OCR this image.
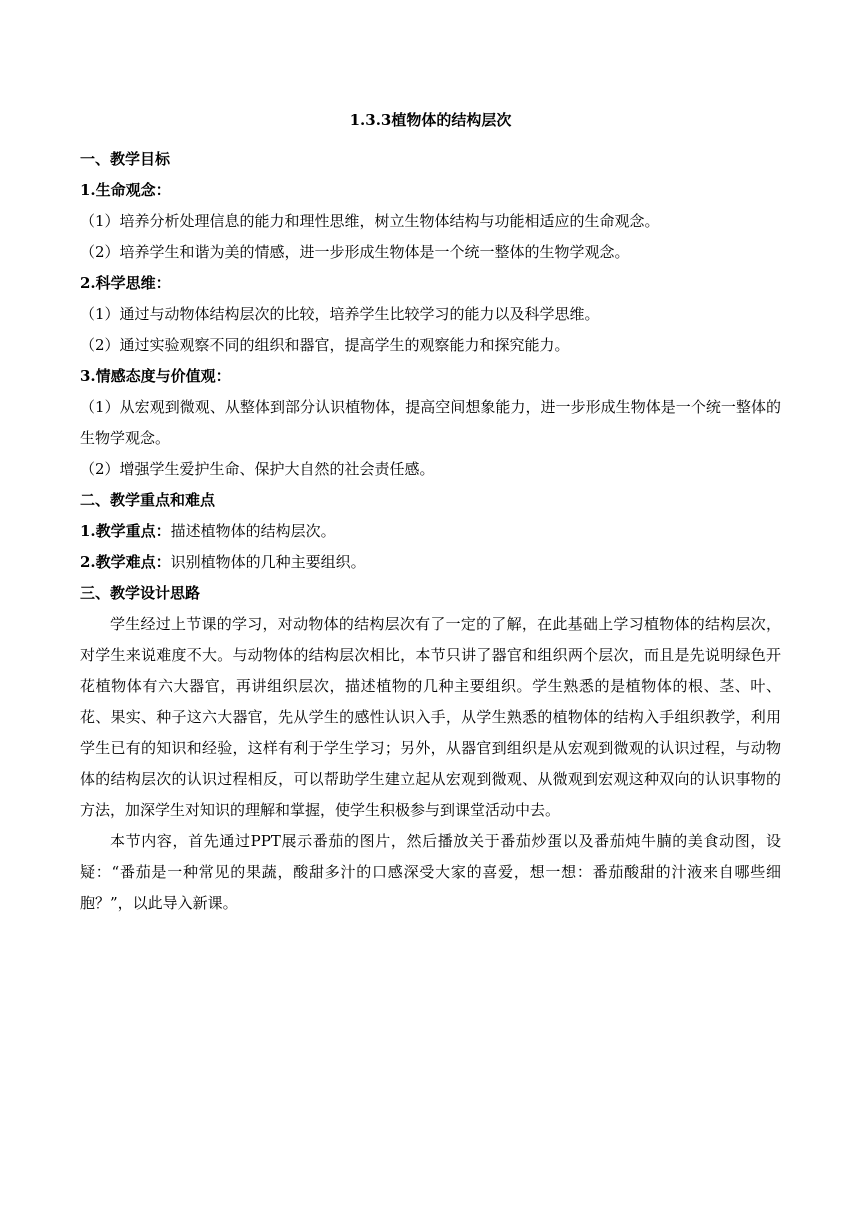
1.3.3植物体的结构层次
一、教学目标
1.生命观念：
（1）培养分析处理信息的能力和理性思维，树立生物体结构与功能相适应的生命观念。
（2）培养学生和谐为美的情感，进一步形成生物体是一个统一整体的生物学观念。
2.科学思维：
（1）通过与动物体结构层次的比较，培养学生比较学习的能力以及科学思维。
（2）通过实验观察不同的组织和器官，提高学生的观察能力和探究能力。
3.情感态度与价值观：
（1）从宏观到微观、从整体到部分认识植物体，提高空间想象能力，进一步形成生物体是一个统一整体的生物学观念。
（2）增强学生爱护生命、保护大自然的社会责任感。
二、教学重点和难点
1.教学重点：描述植物体的结构层次。
2.教学难点：识别植物体的几种主要组织。
三、教学设计思路
学生经过上节课的学习，对动物体的结构层次有了一定的了解，在此基础上学习植物体的结构层次，对学生来说难度不大。与动物体的结构层次相比，本节只讲了器官和组织两个层次，而且是先说明绿色开花植物体有六大器官，再讲组织层次，描述植物的几种主要组织。学生熟悉的是植物体的根、茎、叶、花、果实、种子这六大器官，先从学生的感性认识入手，从学生熟悉的植物体的结构入手组织教学，利用学生已有的知识和经验，这样有利于学生学习；另外，从器官到组织是从宏观到微观的认识过程，与动物体的结构层次的认识过程相反，可以帮助学生建立起从宏观到微观、从微观到宏观这种双向的认识事物的方法，加深学生对知识的理解和掌握，使学生积极参与到课堂活动中去。
本节内容，首先通过PPT展示番茄的图片，然后播放关于番茄炒蛋以及番茄炖牛腩的美食动图，设疑：“番茄是一种常见的果蔬，酸甜多汁的口感深受大家的喜爱，想一想：番茄酸甜的汁液来自哪些细胞？”，以此导入新课。
